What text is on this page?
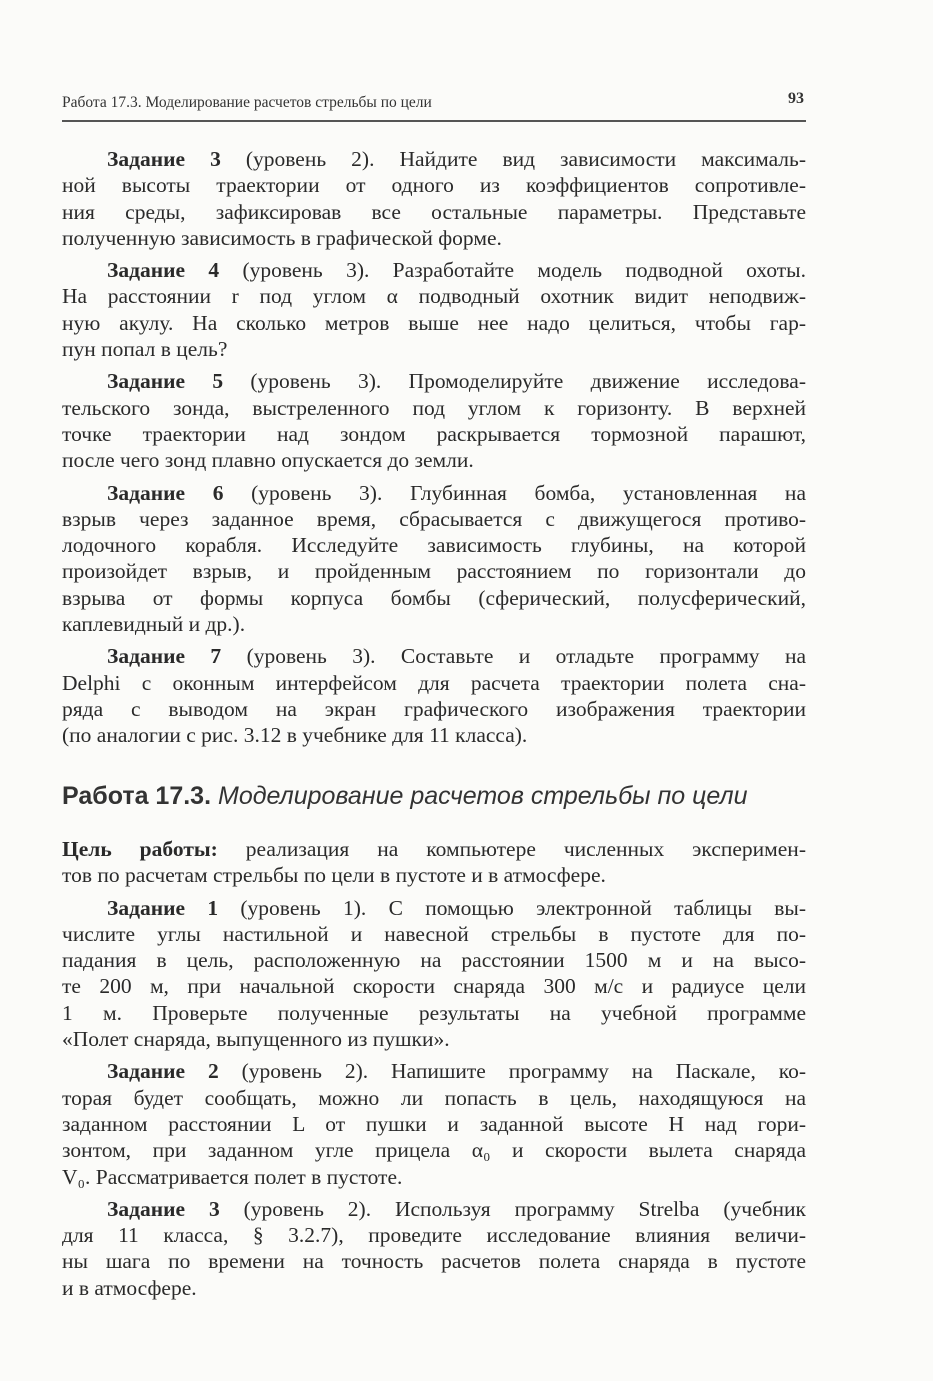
Работа 17.3. Моделирование расчетов стрельбы по цели	93
Задание 3 (уровень 2). Найдите вид зависимости максималь-
ной высоты траектории от одного из коэффициентов сопротивле-
ния среды, зафиксировав все остальные параметры. Представьте
полученную зависимость в графической форме.
Задание 4 (уровень 3). Разработайте модель подводной охоты.
На расстоянии r под углом α подводный охотник видит неподвиж-
ную акулу. На сколько метров выше нее надо целиться, чтобы гар-
пун попал в цель?
Задание 5 (уровень 3). Промоделируйте движение исследова-
тельского зонда, выстреленного под углом к горизонту. В верхней
точке траектории над зондом раскрывается тормозной парашют,
после чего зонд плавно опускается до земли.
Задание 6 (уровень 3). Глубинная бомба, установленная на
взрыв через заданное время, сбрасывается с движущегося противо-
лодочного корабля. Исследуйте зависимость глубины, на которой
произойдет взрыв, и пройденным расстоянием по горизонтали до
взрыва от формы корпуса бомбы (сферический, полусферический,
каплевидный и др.).
Задание 7 (уровень 3). Составьте и отладьте программу на
Delphi с оконным интерфейсом для расчета траектории полета сна-
ряда с выводом на экран графического изображения траектории
(по аналогии с рис. 3.12 в учебнике для 11 класса).
Работа 17.3. Моделирование расчетов стрельбы по цели
Цель работы: реализация на компьютере численных эксперимен-
тов по расчетам стрельбы по цели в пустоте и в атмосфере.
Задание 1 (уровень 1). С помощью электронной таблицы вы-
числите углы настильной и навесной стрельбы в пустоте для по-
падания в цель, расположенную на расстоянии 1500 м и на высо-
те 200 м, при начальной скорости снаряда 300 м/с и радиусе цели
1 м. Проверьте полученные результаты на учебной программе
«Полет снаряда, выпущенного из пушки».
Задание 2 (уровень 2). Напишите программу на Паскале, ко-
торая будет сообщать, можно ли попасть в цель, находящуюся на
заданном расстоянии L от пушки и заданной высоте H над гори-
зонтом, при заданном угле прицела α₀ и скорости вылета снаряда
V₀. Рассматривается полет в пустоте.
Задание 3 (уровень 2). Используя программу Strelba (учебник
для 11 класса, § 3.2.7), проведите исследование влияния величи-
ны шага по времени на точность расчетов полета снаряда в пустоте
и в атмосфере.
